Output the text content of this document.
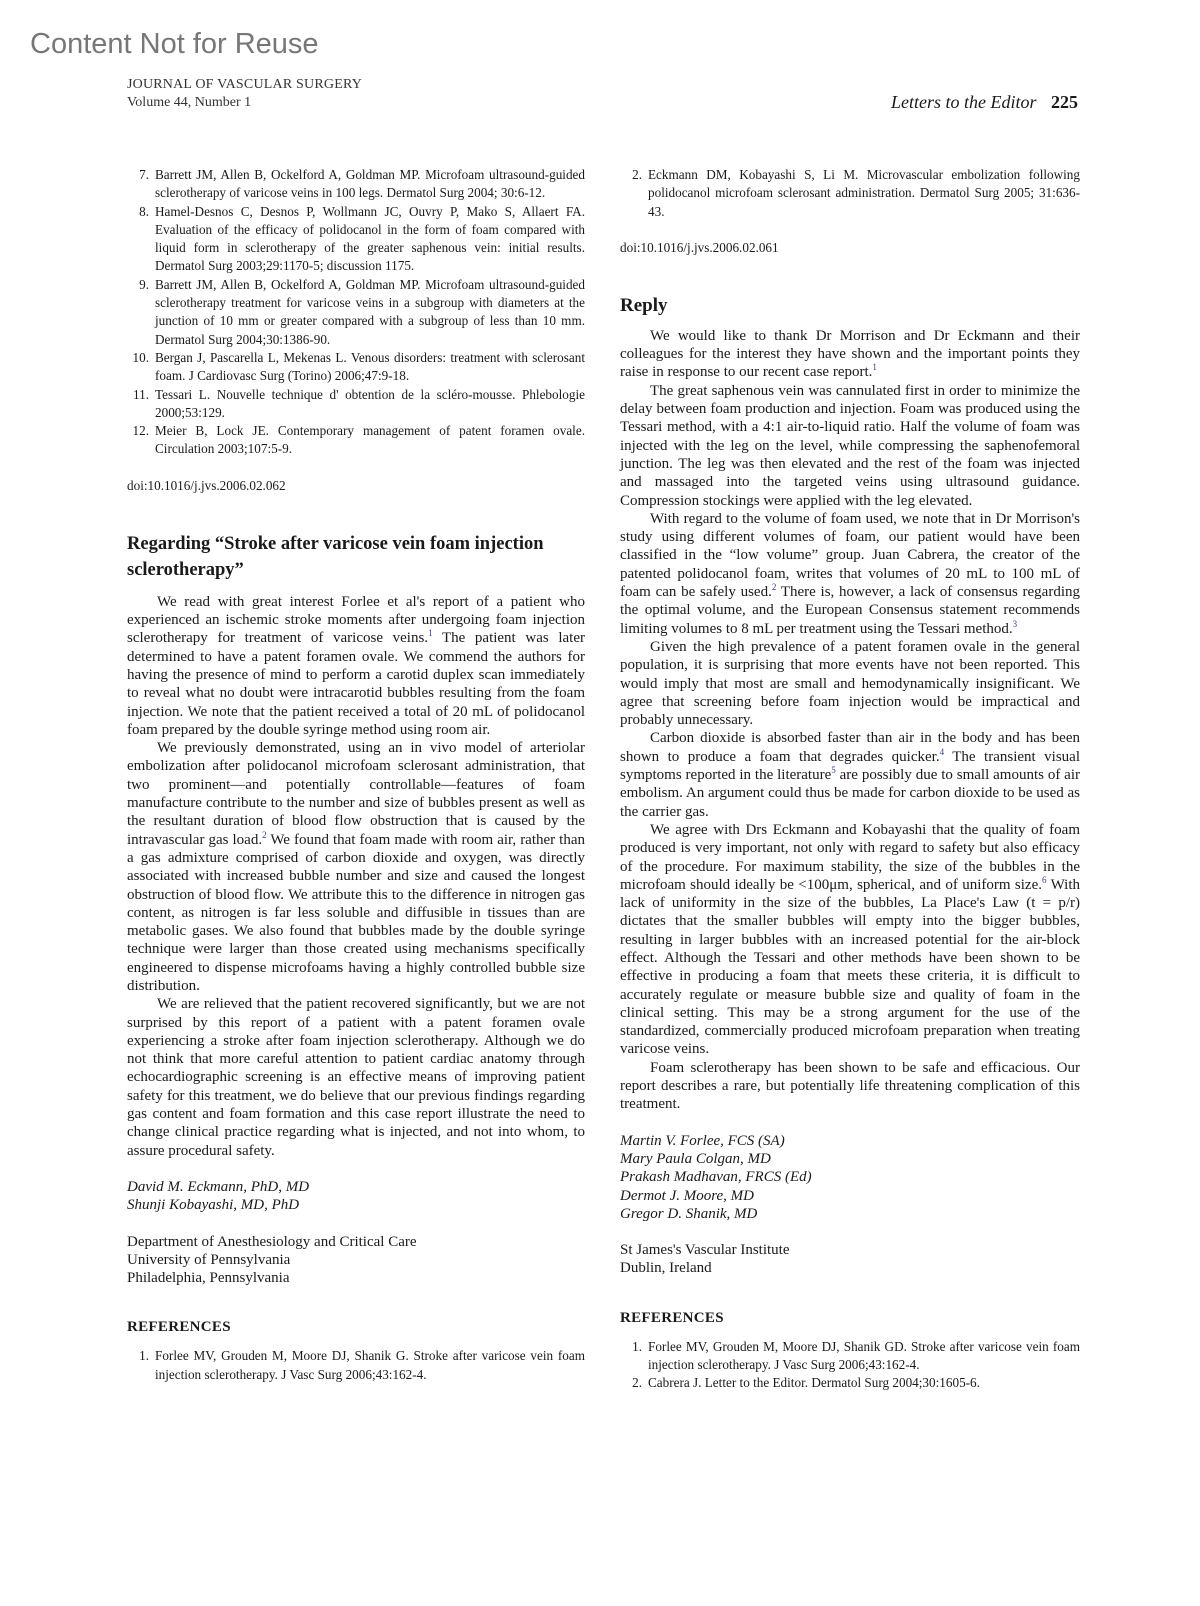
Content Not for Reuse
JOURNAL OF VASCULAR SURGERY
Volume 44, Number 1	Letters to the Editor 225
7. Barrett JM, Allen B, Ockelford A, Goldman MP. Microfoam ultrasound-guided sclerotherapy of varicose veins in 100 legs. Dermatol Surg 2004; 30:6-12.
8. Hamel-Desnos C, Desnos P, Wollmann JC, Ouvry P, Mako S, Allaert FA. Evaluation of the efficacy of polidocanol in the form of foam compared with liquid form in sclerotherapy of the greater saphenous vein: initial results. Dermatol Surg 2003;29:1170-5; discussion 1175.
9. Barrett JM, Allen B, Ockelford A, Goldman MP. Microfoam ultrasound-guided sclerotherapy treatment for varicose veins in a subgroup with diameters at the junction of 10 mm or greater compared with a subgroup of less than 10 mm. Dermatol Surg 2004;30:1386-90.
10. Bergan J, Pascarella L, Mekenas L. Venous disorders: treatment with sclerosant foam. J Cardiovasc Surg (Torino) 2006;47:9-18.
11. Tessari L. Nouvelle technique d' obtention de la scléro-mousse. Phlebologie 2000;53:129.
12. Meier B, Lock JE. Contemporary management of patent foramen ovale. Circulation 2003;107:5-9.
doi:10.1016/j.jvs.2006.02.062
Regarding “Stroke after varicose vein foam injection sclerotherapy”

We read with great interest Forlee et al's report of a patient who experienced an ischemic stroke moments after undergoing foam injection sclerotherapy for treatment of varicose veins.$^1$ The patient was later determined to have a patent foramen ovale. We commend the authors for having the presence of mind to perform a carotid duplex scan immediately to reveal what no doubt were intracarotid bubbles resulting from the foam injection. We note that the patient received a total of 20 mL of polidocanol foam prepared by the double syringe method using room air.

We previously demonstrated, using an in vivo model of arteriolar embolization after polidocanol microfoam sclerosant administration, that two prominent—and potentially controllable—features of foam manufacture contribute to the number and size of bubbles present as well as the resultant duration of blood flow obstruction that is caused by the intravascular gas load.$^2$ We found that foam made with room air, rather than a gas admixture comprised of carbon dioxide and oxygen, was directly associated with increased bubble number and size and caused the longest obstruction of blood flow. We attribute this to the difference in nitrogen gas content, as nitrogen is far less soluble and diffusible in tissues than are metabolic gases. We also found that bubbles made by the double syringe technique were larger than those created using mechanisms specifically engineered to dispense microfoams having a highly controlled bubble size distribution.

We are relieved that the patient recovered significantly, but we are not surprised by this report of a patient with a patent foramen ovale experiencing a stroke after foam injection sclerotherapy. Although we do not think that more careful attention to patient cardiac anatomy through echocardiographic screening is an effective means of improving patient safety for this treatment, we do believe that our previous findings regarding gas content and foam formation and this case report illustrate the need to change clinical practice regarding what is injected, and not into whom, to assure procedural safety.

David M. Eckmann, PhD, MD
Shunji Kobayashi, MD, PhD
Department of Anesthesiology and Critical Care
University of Pennsylvania
Philadelphia, Pennsylvania
REFERENCES
1. Forlee MV, Grouden M, Moore DJ, Shanik G. Stroke after varicose vein foam injection sclerotherapy. J Vasc Surg 2006;43:162-4.
2. Eckmann DM, Kobayashi S, Li M. Microvascular embolization following polidocanol microfoam sclerosant administration. Dermatol Surg 2005; 31:636-43.
doi:10.1016/j.jvs.2006.02.061
Reply

We would like to thank Dr Morrison and Dr Eckmann and their colleagues for the interest they have shown and the important points they raise in response to our recent case report.$^1$

The great saphenous vein was cannulated first in order to minimize the delay between foam production and injection. Foam was produced using the Tessari method, with a 4:1 air-to-liquid ratio. Half the volume of foam was injected with the leg on the level, while compressing the saphenofemoral junction. The leg was then elevated and the rest of the foam was injected and massaged into the targeted veins using ultrasound guidance. Compression stockings were applied with the leg elevated.

With regard to the volume of foam used, we note that in Dr Morrison's study using different volumes of foam, our patient would have been classified in the “low volume” group. Juan Cabrera, the creator of the patented polidocanol foam, writes that volumes of 20 mL to 100 mL of foam can be safely used.$^2$ There is, however, a lack of consensus regarding the optimal volume, and the European Consensus statement recommends limiting volumes to 8 mL per treatment using the Tessari method.$^3$

Given the high prevalence of a patent foramen ovale in the general population, it is surprising that more events have not been reported. This would imply that most are small and hemodynamically insignificant. We agree that screening before foam injection would be impractical and probably unnecessary.

Carbon dioxide is absorbed faster than air in the body and has been shown to produce a foam that degrades quicker.$^4$ The transient visual symptoms reported in the literature$^5$ are possibly due to small amounts of air embolism. An argument could thus be made for carbon dioxide to be used as the carrier gas.

We agree with Drs Eckmann and Kobayashi that the quality of foam produced is very important, not only with regard to safety but also efficacy of the procedure. For maximum stability, the size of the bubbles in the microfoam should ideally be <100μm, spherical, and of uniform size.$^6$ With lack of uniformity in the size of the bubbles, La Place's Law (t = p/r) dictates that the smaller bubbles will empty into the bigger bubbles, resulting in larger bubbles with an increased potential for the air-block effect. Although the Tessari and other methods have been shown to be effective in producing a foam that meets these criteria, it is difficult to accurately regulate or measure bubble size and quality of foam in the clinical setting. This may be a strong argument for the use of the standardized, commercially produced microfoam preparation when treating varicose veins.

Foam sclerotherapy has been shown to be safe and efficacious. Our report describes a rare, but potentially life threatening complication of this treatment.

Martin V. Forlee, FCS (SA)
Mary Paula Colgan, MD
Prakash Madhavan, FRCS (Ed)
Dermot J. Moore, MD
Gregor D. Shanik, MD
St James's Vascular Institute
Dublin, Ireland
REFERENCES
1. Forlee MV, Grouden M, Moore DJ, Shanik GD. Stroke after varicose vein foam injection sclerotherapy. J Vasc Surg 2006;43:162-4.
2. Cabrera J. Letter to the Editor. Dermatol Surg 2004;30:1605-6.
